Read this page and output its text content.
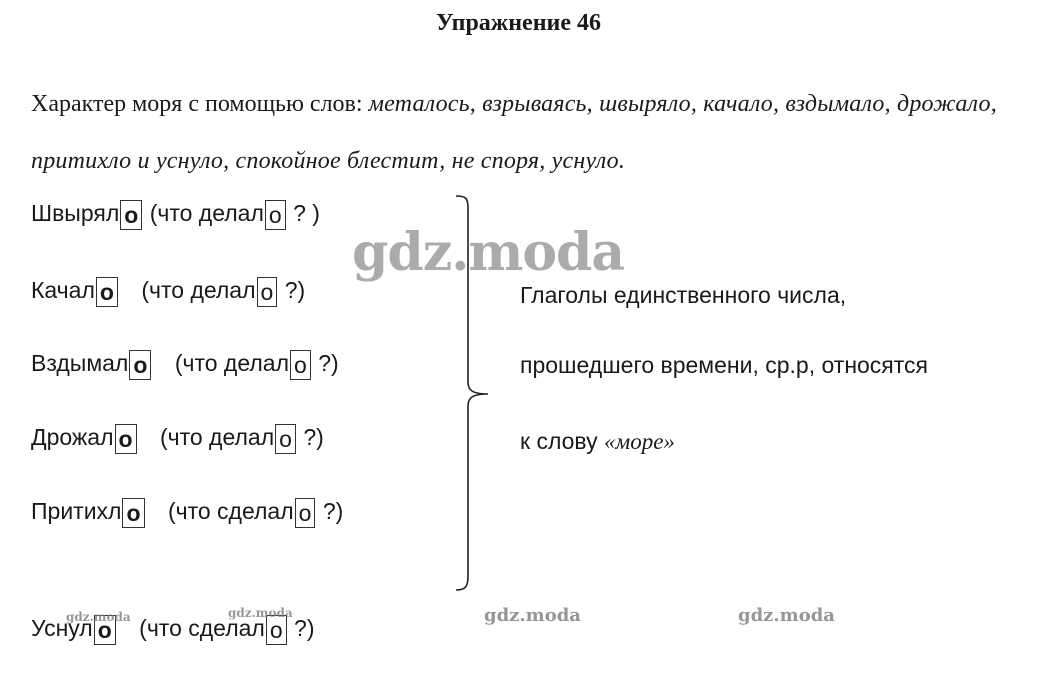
Упражнение 46
Характер моря с помощью слов: металось, взрываясь, швыряло, качало, вздымало, дрожало, притихло и уснуло, спокойное блестит, не споря, уснуло.
Швырял о (что делал о ? )
Качал о (что делал о ?)
Вздымал о (что делал о ?)
Дрожал о (что делал о ?)
Притихл о (что сделал о ?)
Уснул о (что сделал о ?)
Глаголы единственного числа,
прошедшего времени, ср.р, относятся
к слову «море»
gdz.moda
gdz.moda	gdz.moda	gdz.moda	gdz.moda
